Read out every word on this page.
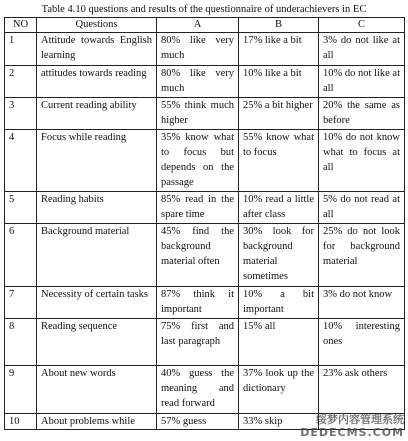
Table 4.10 questions and results of the questionnaire of underachievers in EC
NO	Questions	A	B	C
1	Attitude towards English learning	80% like very much	17% like a bit	3% do not like at all
2	attitudes towards reading	80% like very much	10% like a bit	10% do not like at all
3	Current reading ability	55% think much higher	25% a bit higher	20% the same as before
4	Focus while reading	35% know what to focus but depends on the passage	55% know what to focus	10% do not know what to focus at all
5	Reading habits	85% read in the spare time	10% read a little after class	5% do not read at all
6	Background material	45% find the background material often	30% look for background material sometimes	25% do not look for background material
7	Necessity of certain tasks	87% think it important	10% a bit important	3% do not know
8	Reading sequence	75% first and last paragraph	15% all	10% interesting ones
9	About new words	40% guess the meaning and read forward	37% look up the dictionary	23% ask others
10	About problems while	57% guess	33% skip		绥梦内容管理系统
DEDECMS.COM
